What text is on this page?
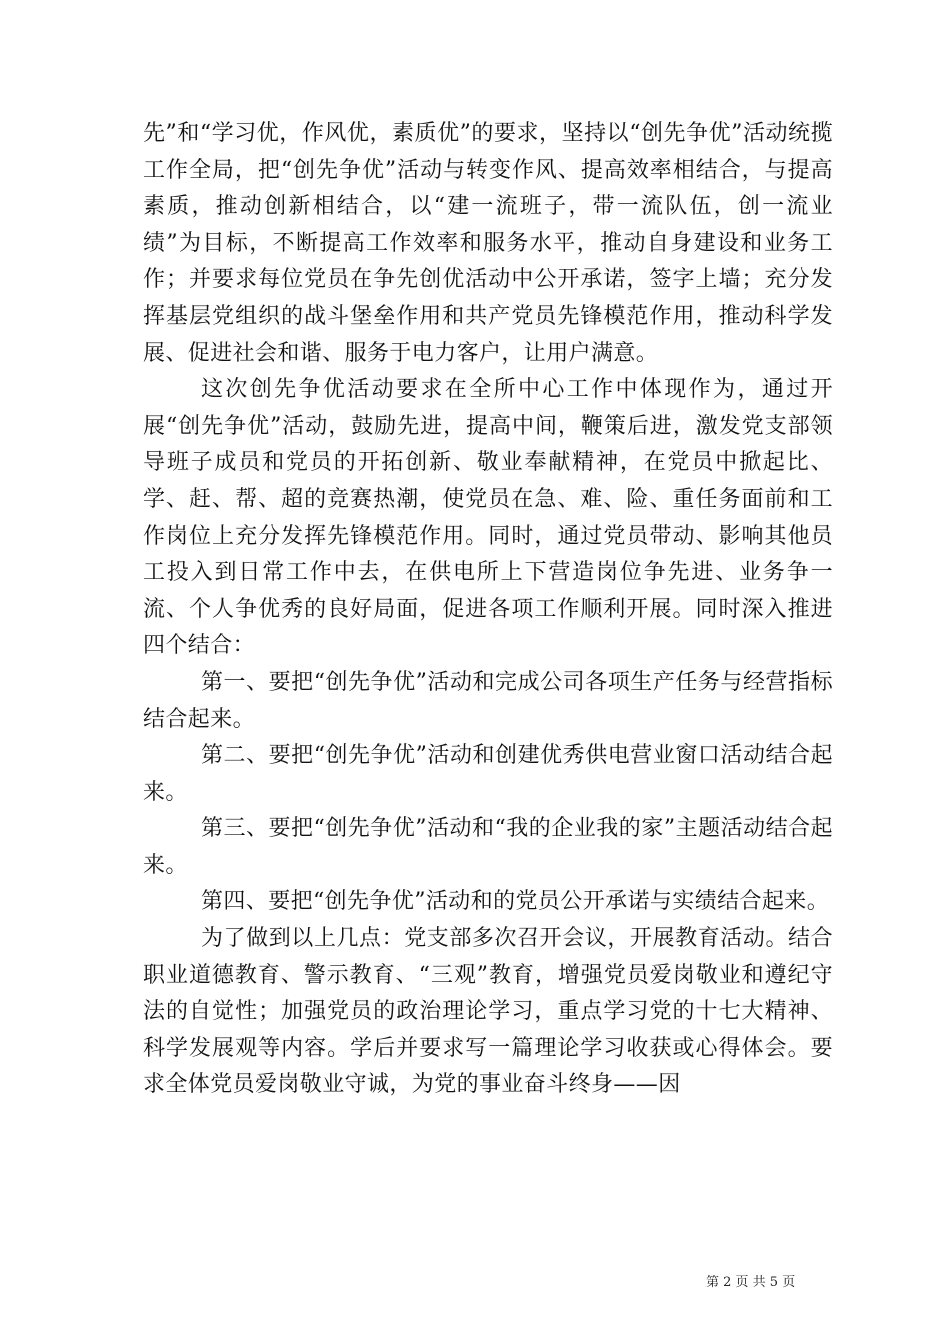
先”和“学习优，作风优，素质优”的要求，坚持以“创先争优”活动统揽工作全局，把“创先争优”活动与转变作风、提高效率相结合，与提高素质，推动创新相结合，以“建一流班子，带一流队伍，创一流业绩”为目标，不断提高工作效率和服务水平，推动自身建设和业务工作；并要求每位党员在争先创优活动中公开承诺，签字上墙；充分发挥基层党组织的战斗堡垒作用和共产党员先锋模范作用，推动科学发展、促进社会和谐、服务于电力客户，让用户满意。

这次创先争优活动要求在全所中心工作中体现作为，通过开展“创先争优”活动，鼓励先进，提高中间，鞭策后进，激发党支部领导班子成员和党员的开拓创新、敬业奉献精神，在党员中掀起比、学、赶、帮、超的竞赛热潮，使党员在急、难、险、重任务面前和工作岗位上充分发挥先锋模范作用。同时，通过党员带动、影响其他员工投入到日常工作中去，在供电所上下营造岗位争先进、业务争一流、个人争优秀的良好局面，促进各项工作顺利开展。同时深入推进四个结合：

第一、要把“创先争优”活动和完成公司各项生产任务与经营指标结合起来。

第二、要把“创先争优”活动和创建优秀供电营业窗口活动结合起来。

第三、要把“创先争优”活动和“我的企业我的家”主题活动结合起来。

第四、要把“创先争优”活动和的党员公开承诺与实绩结合起来。

为了做到以上几点：党支部多次召开会议，开展教育活动。结合职业道德教育、警示教育、“三观”教育，增强党员爱岗敬业和遵纪守法的自觉性；加强党员的政治理论学习，重点学习党的十七大精神、科学发展观等内容。学后并要求写一篇理论学习收获或心得体会。要求全体党员爱岗敬业守诚，为党的事业奋斗终身——因

第 2 页 共 5 页
